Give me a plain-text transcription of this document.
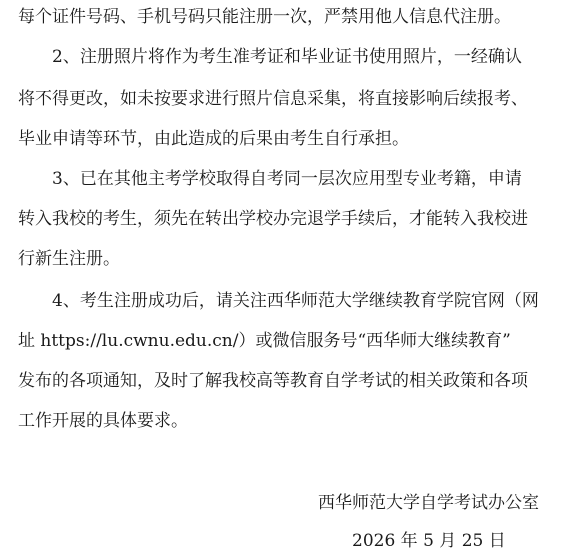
每个证件号码、手机号码只能注册一次，严禁用他人信息代注册。
2、注册照片将作为考生准考证和毕业证书使用照片，一经确认
将不得更改，如未按要求进行照片信息采集，将直接影响后续报考、
毕业申请等环节，由此造成的后果由考生自行承担。
3、已在其他主考学校取得自考同一层次应用型专业考籍，申请
转入我校的考生，须先在转出学校办完退学手续后，才能转入我校进
行新生注册。
4、考生注册成功后，请关注西华师范大学继续教育学院官网（网
址 https://lu.cwnu.edu.cn/）或微信服务号“西华师大继续教育”
发布的各项通知，及时了解我校高等教育自学考试的相关政策和各项
工作开展的具体要求。
西华师范大学自学考试办公室
2026 年 5 月 25 日
